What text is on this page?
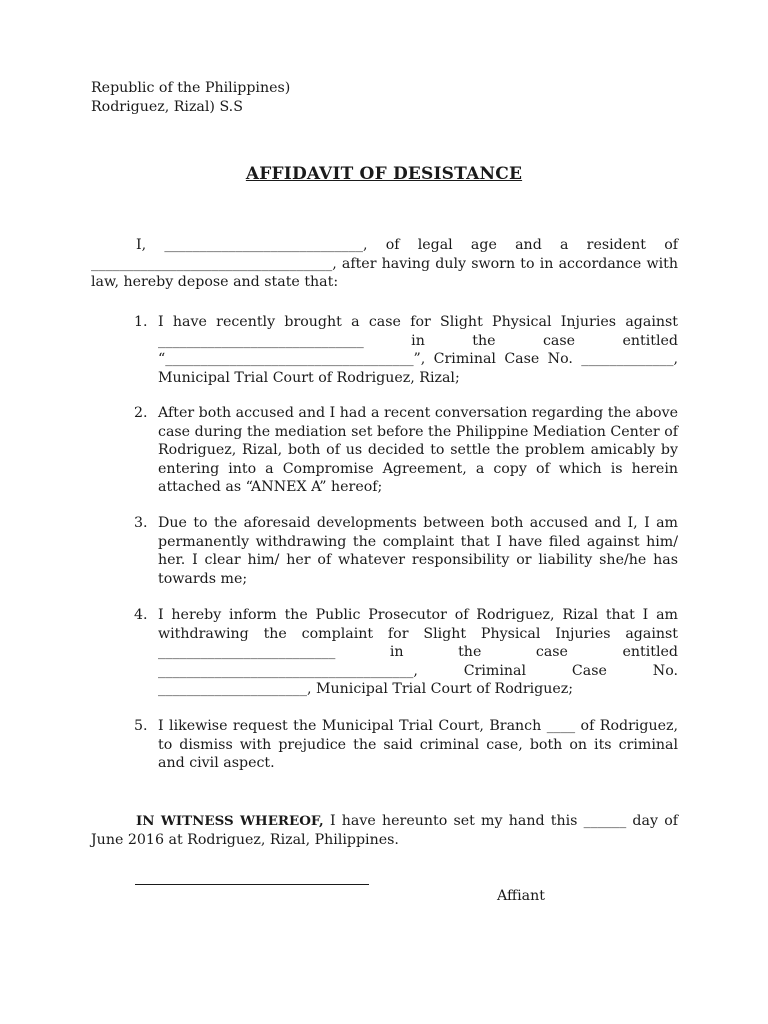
Republic of the Philippines)
Rodriguez, Rizal) S.S
AFFIDAVIT OF DESISTANCE
I, ____________________________, of legal age and a resident of __________________________________, after having duly sworn to in accordance with law, hereby depose and state that:
1. I have recently brought a case for Slight Physical Injuries against _____________________________ in the case entitled “___________________________________”, Criminal Case No. _____________, Municipal Trial Court of Rodriguez, Rizal;
2. After both accused and I had a recent conversation regarding the above case during the mediation set before the Philippine Mediation Center of Rodriguez, Rizal, both of us decided to settle the problem amicably by entering into a Compromise Agreement, a copy of which is herein attached as “ANNEX A” hereof;
3. Due to the aforesaid developments between both accused and I, I am permanently withdrawing the complaint that I have filed against him/ her. I clear him/ her of whatever responsibility or liability she/he has towards me;
4. I hereby inform the Public Prosecutor of Rodriguez, Rizal that I am withdrawing the complaint for Slight Physical Injuries against _________________________ in the case entitled ____________________________________, Criminal Case No. _____________________, Municipal Trial Court of Rodriguez;
5. I likewise request the Municipal Trial Court, Branch ____ of Rodriguez, to dismiss with prejudice the said criminal case, both on its criminal and civil aspect.
IN WITNESS WHEREOF, I have hereunto set my hand this ______ day of June 2016 at Rodriguez, Rizal, Philippines.
Affiant
